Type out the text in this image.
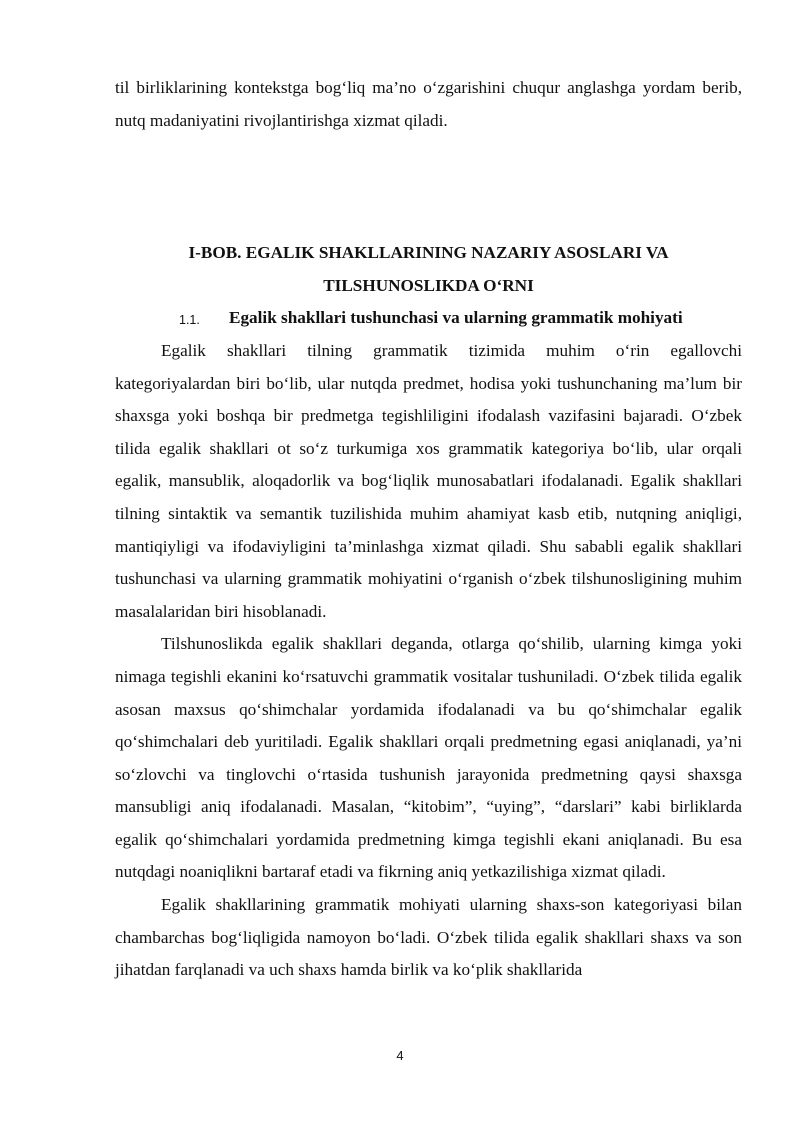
til birliklarining kontekstga bog‘liq ma’no o‘zgarishini chuqur anglashga yordam berib, nutq madaniyatini rivojlantirishga xizmat qiladi.

I-BOB. EGALIK SHAKLLARINING NAZARIY ASOSLARI VA TILSHUNOSLIKDA O‘RNI
1.1. Egalik shakllari tushunchasi va ularning grammatik mohiyati

Egalik shakllari tilning grammatik tizimida muhim o‘rin egallovchi kategoriyalardan biri bo‘lib, ular nutqda predmet, hodisa yoki tushunchaning ma’lum bir shaxsga yoki boshqa bir predmetga tegishliligini ifodalash vazifasini bajaradi. O‘zbek tilida egalik shakllari ot so‘z turkumiga xos grammatik kategoriya bo‘lib, ular orqali egalik, mansublik, aloqadorlik va bog‘liqlik munosabatlari ifodalanadi. Egalik shakllari tilning sintaktik va semantik tuzilishida muhim ahamiyat kasb etib, nutqning aniqligi, mantiqiyligi va ifodaviyligini ta’minlashga xizmat qiladi. Shu sababli egalik shakllari tushunchasi va ularning grammatik mohiyatini o‘rganish o‘zbek tilshunosligining muhim masalalaridan biri hisoblanadi.

Tilshunoslikda egalik shakllari deganda, otlarga qo‘shilib, ularning kimga yoki nimaga tegishli ekanini ko‘rsatuvchi grammatik vositalar tushuniladi. O‘zbek tilida egalik asosan maxsus qo‘shimchalar yordamida ifodalanadi va bu qo‘shimchalar egalik qo‘shimchalari deb yuritiladi. Egalik shakllari orqali predmetning egasi aniqlanadi, ya’ni so‘zlovchi va tinglovchi o‘rtasida tushunish jarayonida predmetning qaysi shaxsga mansubligi aniq ifodalanadi. Masalan, “kitobim”, “uying”, “darslari” kabi birliklarda egalik qo‘shimchalari yordamida predmetning kimga tegishli ekani aniqlanadi. Bu esa nutqdagi noaniqlikni bartaraf etadi va fikrning aniq yetkazilishiga xizmat qiladi.

Egalik shakllarining grammatik mohiyati ularning shaxs-son kategoriyasi bilan chambarchas bog‘liqligida namoyon bo‘ladi. O‘zbek tilida egalik shakllari shaxs va son jihatdan farqlanadi va uch shaxs hamda birlik va ko‘plik shakllarida

4
